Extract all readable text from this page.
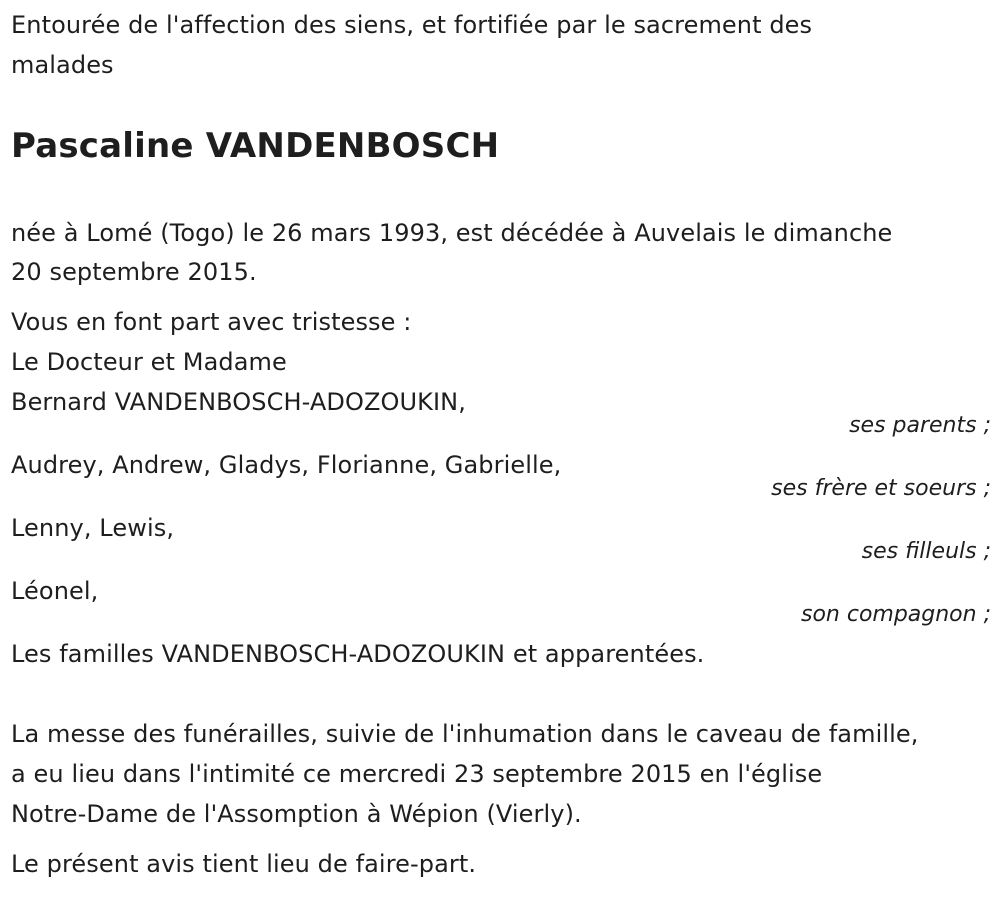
Entourée de l'affection des siens, et fortifiée par le sacrement des
malades
Pascaline VANDENBOSCH
née à Lomé (Togo) le 26 mars 1993, est décédée à Auvelais le dimanche
20 septembre 2015.
Vous en font part avec tristesse :
Le Docteur et Madame
Bernard VANDENBOSCH-ADOZOUKIN,
ses parents ;
Audrey, Andrew, Gladys, Florianne, Gabrielle,
ses frère et soeurs ;
Lenny, Lewis,
ses filleuls ;
Léonel,
son compagnon ;
Les familles VANDENBOSCH-ADOZOUKIN et apparentées.
La messe des funérailles, suivie de l'inhumation dans le caveau de famille,
a eu lieu dans l'intimité ce mercredi 23 septembre 2015 en l'église
Notre-Dame de l'Assomption à Wépion (Vierly).
Le présent avis tient lieu de faire-part.
